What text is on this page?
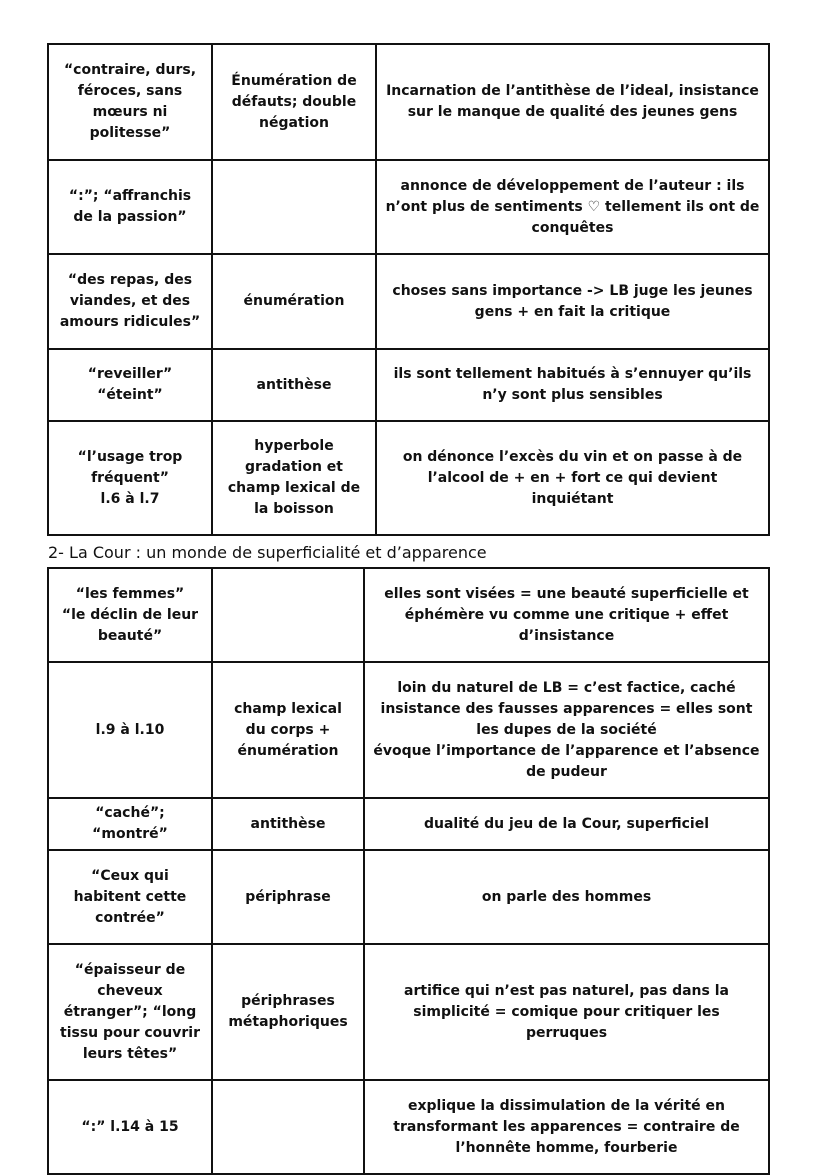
“contraire, durs,
féroces, sans
mœurs ni
politesse”	Énumération de
défauts; double
négation	Incarnation de l’antithèse de l’ideal, insistance
sur le manque de qualité des jeunes gens
“:”; “affranchis
de la passion”		annonce de développement de l’auteur : ils
n’ont plus de sentiments ♡ tellement ils ont de
conquêtes
“des repas, des
viandes, et des
amours ridicules”	énumération	choses sans importance -> LB juge les jeunes
gens + en fait la critique
“reveiller”
“éteint”	antithèse	ils sont tellement habitués à s’ennuyer qu’ils
n’y sont plus sensibles
“l’usage trop
fréquent”
l.6 à l.7	hyperbole
gradation et
champ lexical de
la boisson	on dénonce l’excès du vin et on passe à de
l’alcool de + en + fort ce qui devient inquiétant
2- La Cour : un monde de superficialité et d’apparence
“les femmes”
“le déclin de leur
beauté”		elles sont visées = une beauté superficielle et
éphémère vu comme une critique + effet
d’insistance
l.9 à l.10	champ lexical
du corps +
énumération	loin du naturel de LB = c’est factice, caché
insistance des fausses apparences = elles sont
les dupes de la société
évoque l’importance de l’apparence et l’absence
de pudeur
“caché”; “montré”	antithèse	dualité du jeu de la Cour, superficiel
“Ceux qui
habitent cette
contrée”	périphrase	on parle des hommes
“épaisseur de
cheveux
étranger”; “long
tissu pour couvrir
leurs têtes”	périphrases
métaphoriques	artifice qui n’est pas naturel, pas dans la
simplicité = comique pour critiquer les
perruques
“:” l.14 à 15		explique la dissimulation de la vérité en
transformant les apparences = contraire de
l’honnête homme, fourberie
